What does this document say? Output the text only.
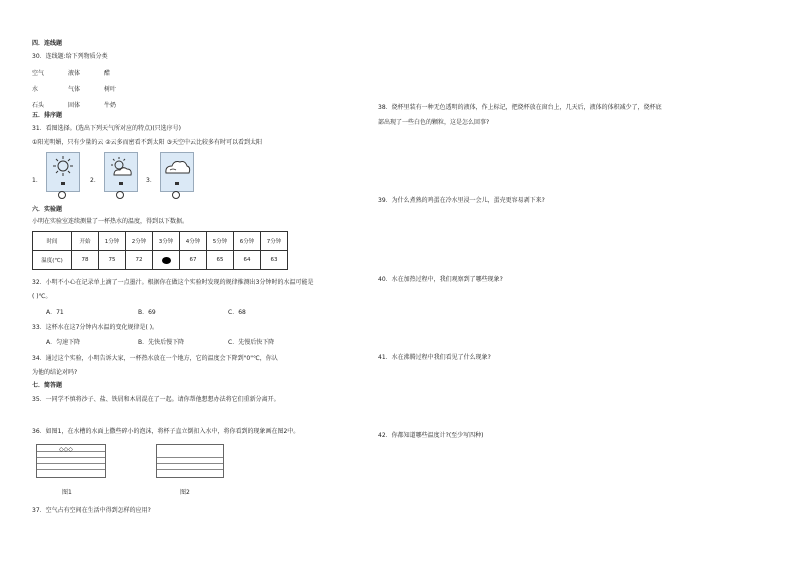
四．连线题
30．连线题:给下列物质分类
空气	液体	醋
水	气体	树叶
石头	固体	牛奶
五．排序题
31．看图选择。(选出下列天气所对应的特点)(只选序号)
①阳光明媚，只有少量的云 ②云多而密看不到太阳 ③天空中云比较多有时可以看到太阳
1．	2．	3．
六．实验题
小明在实验室连续测量了一杯热水的温度，得到以下数据。
时间	开始	1分钟	2分钟	3分钟	4分钟	5分钟	6分钟	7分钟
温度(℃)	78	75	72		67	65	64	63
32．小明不小心在记录单上滴了一点墨汁。根据你在做这个实验时发现的规律推测出3分钟时的水温可能是
( )℃。
A．71	B．69	C．68
33．这杯水在这7分钟内水温的变化规律是( )。
A．匀速下降	B．先快后慢下降	C．先慢后快下降
34．通过这个实验，小明告诉大家，一杯热水放在一个地方，它的温度会下降到"0"℃，你认
为他的结论对吗?
七．简答题
35．一同学不慎将沙子、盐、铁屑和木屑混在了一起。请你帮他想想办法将它们重新分离开。
36．如图1，在水槽的水面上撒些碎小的泡沫，将杯子直立倒扣入水中，将你看到的现象画在图2中。
◇◇◇
图1	图2
37．空气占有空间在生活中得到怎样的应用?
38．烧杯里装有一种无色透明的液体，作上标记，把烧杯放在窗台上，几天后，液体的体积减少了，烧杯底
部出现了一些白色的颗粒，这是怎么回事?
39．为什么煮熟的鸡蛋在冷水里浸一会儿，蛋壳更容易剥下来?
40．水在加热过程中，我们观察到了哪些现象?
41．水在沸腾过程中我们看见了什么现象?
42．你都知道哪些温度计?(至少写四种)
